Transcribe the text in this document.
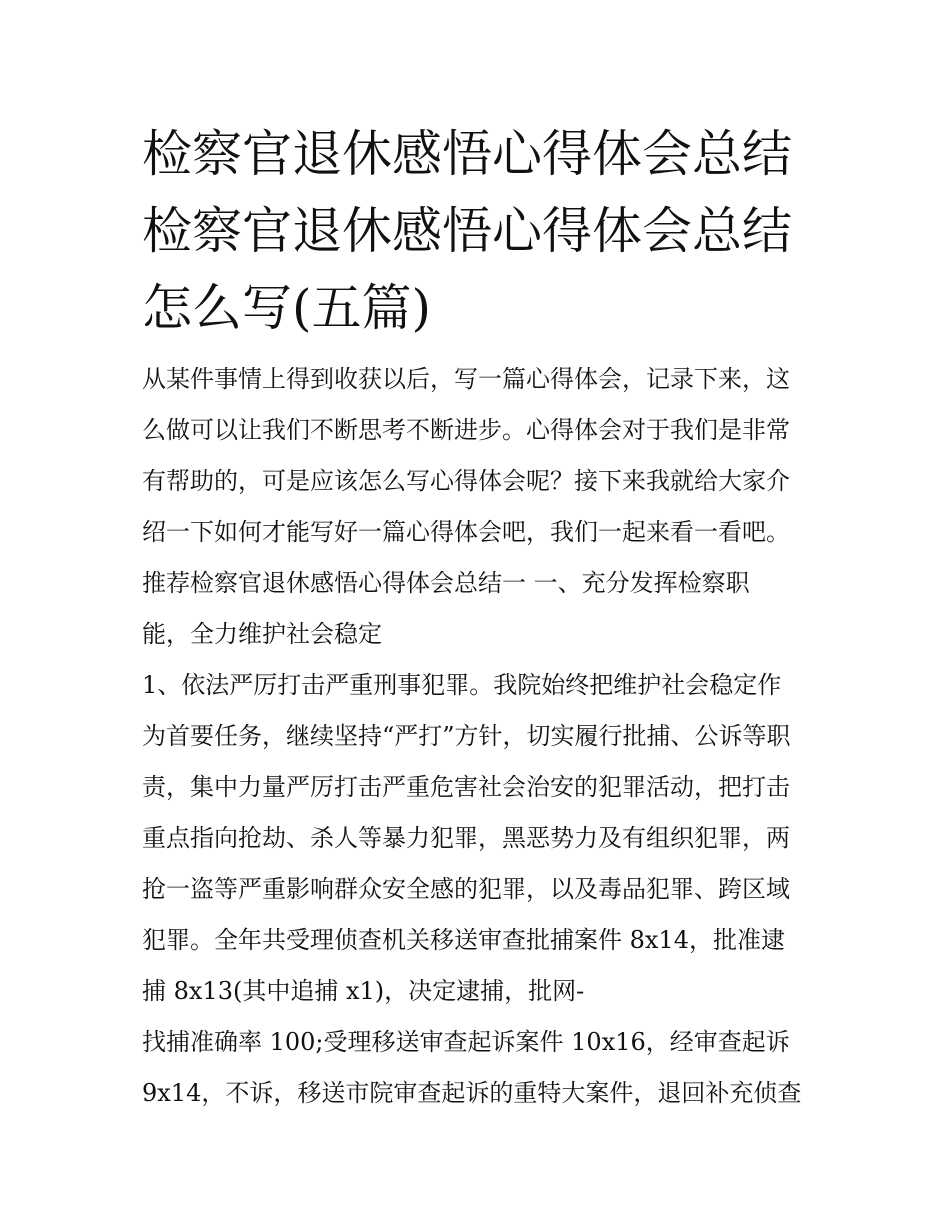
检察官退休感悟心得体会总结
检察官退休感悟心得体会总结
怎么写(五篇)
从某件事情上得到收获以后，写一篇心得体会，记录下来，这
么做可以让我们不断思考不断进步。心得体会对于我们是非常
有帮助的，可是应该怎么写心得体会呢？接下来我就给大家介
绍一下如何才能写好一篇心得体会吧，我们一起来看一看吧。
推荐检察官退休感悟心得体会总结一 一、充分发挥检察职
能，全力维护社会稳定
1、依法严厉打击严重刑事犯罪。我院始终把维护社会稳定作
为首要任务，继续坚持“严打”方针，切实履行批捕、公诉等职
责，集中力量严厉打击严重危害社会治安的犯罪活动，把打击
重点指向抢劫、杀人等暴力犯罪，黑恶势力及有组织犯罪，两
抢一盗等严重影响群众安全感的犯罪，以及毒品犯罪、跨区域
犯罪。全年共受理侦查机关移送审查批捕案件 8x14，批准逮
捕 8x13(其中追捕 x1)，决定逮捕，批网-
找捕准确率 100;受理移送审查起诉案件 10x16，经审查起诉
9x14，不诉，移送市院审查起诉的重特大案件，退回补充侦查
